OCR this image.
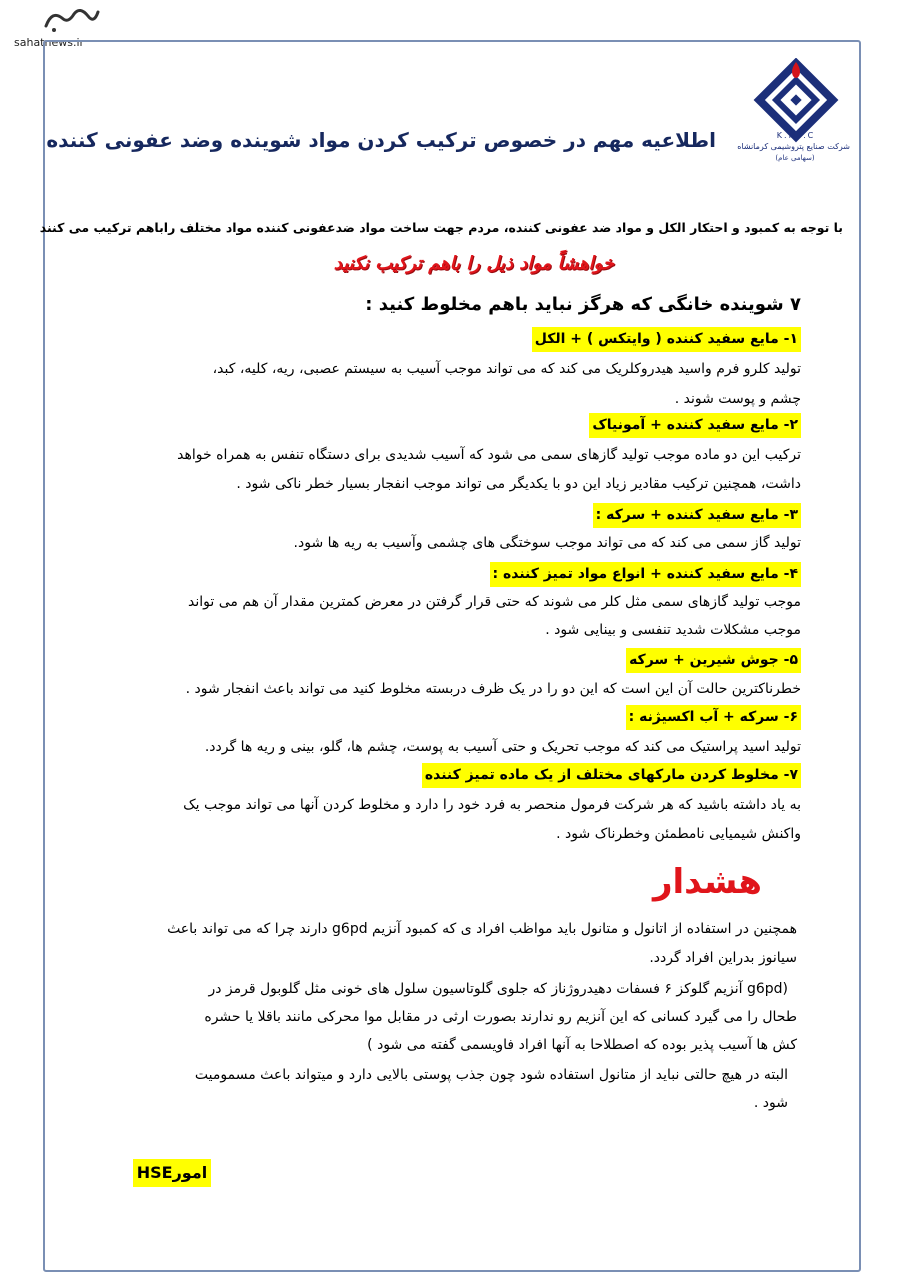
sahatnews.ir
K.P.I.C
شرکت صنایع پتروشیمی کرمانشاه
(سهامی عام)
اطلاعیه مهم در خصوص ترکیب کردن مواد شوینده وضد عفونی کننده
با توجه به کمبود و احتکار الکل و مواد ضد عفونی کننده، مردم جهت ساخت مواد ضدعفونی کننده مواد مختلف راباهم ترکیب می کنند
خواهشاً مواد ذیل را باهم ترکیب نکنید
۷ شوینده خانگی که هرگز نباید باهم مخلوط کنید :
۱- مایع سفید کننده ( وایتکس ) + الکل
تولید کلرو فرم واسید هیدروکلریک می کند که می تواند موجب آسیب به سیستم عصبی، ریه، کلیه، کبد،
چشم و پوست شوند .
۲- مایع سفید کننده + آمونیاک
ترکیب این دو ماده موجب تولید گازهای سمی می شود که آسیب شدیدی برای دستگاه تنفس به همراه خواهد
داشت، همچنین ترکیب مقادیر زیاد این دو با یکدیگر می تواند موجب انفجار بسیار خطر ناکی شود .
۳- مایع سفید کننده + سرکه :
تولید گاز سمی می کند که می تواند موجب سوختگی های چشمی وآسیب به ریه ها شود.
۴- مایع سفید کننده + انواع مواد تمیز کننده :
موجب تولید گازهای سمی مثل کلر می شوند که حتی قرار گرفتن در معرض کمترین مقدار آن هم می تواند
موجب مشکلات شدید تنفسی و بینایی شود .
۵- جوش شیرین + سرکه
خطرناکترین حالت آن این است که این دو را در یک ظرف دربسته مخلوط کنید می تواند باعث انفجار شود .
۶- سرکه + آب اکسیژنه :
تولید اسید پراستیک می کند که موجب تحریک و حتی آسیب به پوست، چشم ها، گلو، بینی و ریه ها گردد.
۷- مخلوط کردن مارکهای مختلف از یک ماده تمیز کننده
به یاد داشته باشید که هر شرکت فرمول منحصر به فرد خود را دارد و مخلوط کردن آنها می تواند موجب یک
واکنش شیمیایی نامطمئن وخطرناک شود .
هشدار
همچنین در استفاده از اتانول و متانول باید مواظب افراد ی که کمبود آنزیم g6pd دارند چرا که می تواند باعث
سیانوز بدراین افراد گردد.
(g6pd آنزیم گلوکز ۶ فسفات دهیدروژناز که جلوی گلوتاسیون سلول های خونی مثل گلوبول قرمز در
طحال را می گیرد کسانی که این آنزیم رو ندارند بصورت ارثی در مقابل موا محرکی مانند باقلا یا حشره
کش ها آسیب پذیر بوده که اصطلاحا به آنها افراد فاویسمی گفته می شود )
البته در هیچ حالتی نباید از متانول استفاده شود چون جذب پوستی بالایی دارد و میتواند باعث مسمومیت
شود .
امورHSE
